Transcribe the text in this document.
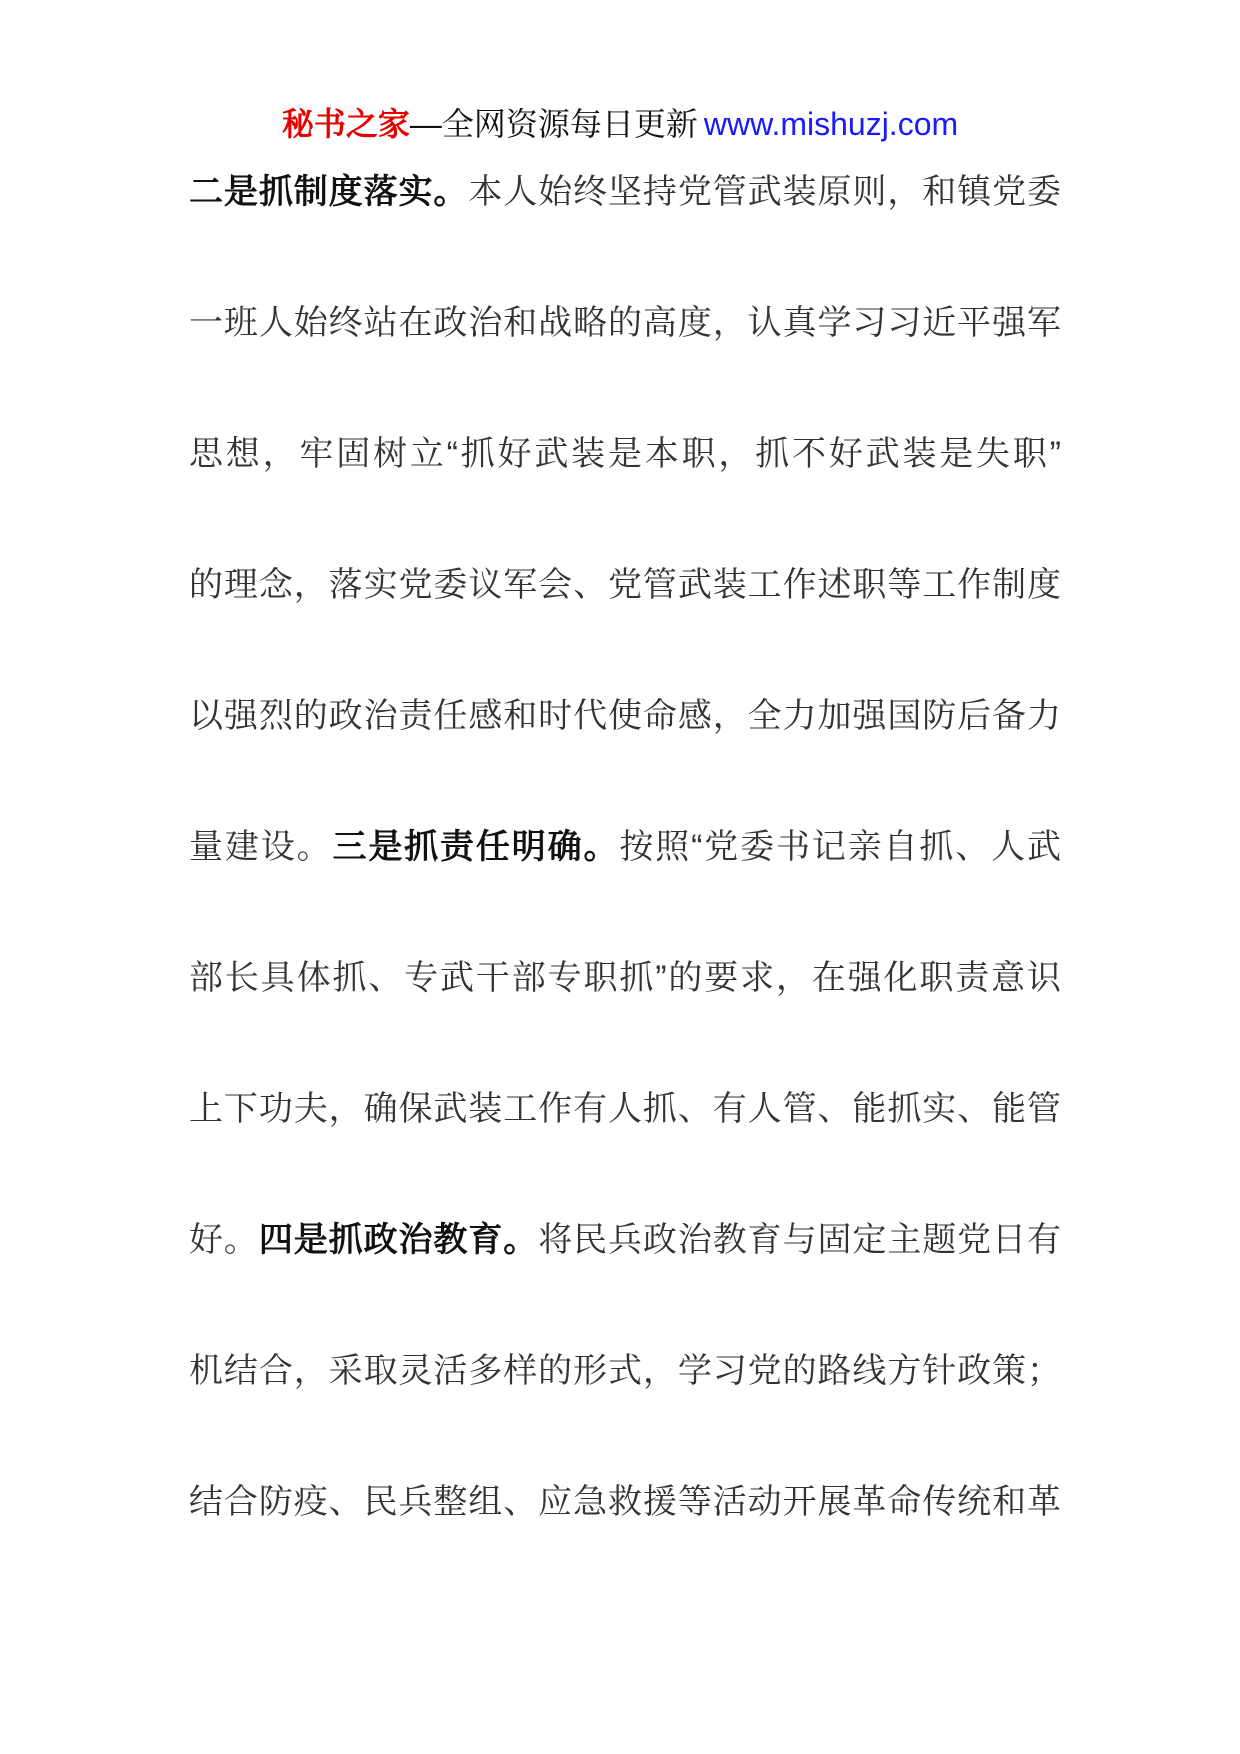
秘书之家—全网资源每日更新 www.mishuzj.com
二是抓制度落实。本人始终坚持党管武装原则，和镇党委
一班人始终站在政治和战略的高度，认真学习习近平强军
思想，牢固树立“抓好武装是本职，抓不好武装是失职”
的理念，落实党委议军会、党管武装工作述职等工作制度
以强烈的政治责任感和时代使命感，全力加强国防后备力
量建设。三是抓责任明确。按照“党委书记亲自抓、人武
部长具体抓、专武干部专职抓”的要求，在强化职责意识
上下功夫，确保武装工作有人抓、有人管、能抓实、能管
好。四是抓政治教育。将民兵政治教育与固定主题党日有
机结合，采取灵活多样的形式，学习党的路线方针政策；
结合防疫、民兵整组、应急救援等活动开展革命传统和革
